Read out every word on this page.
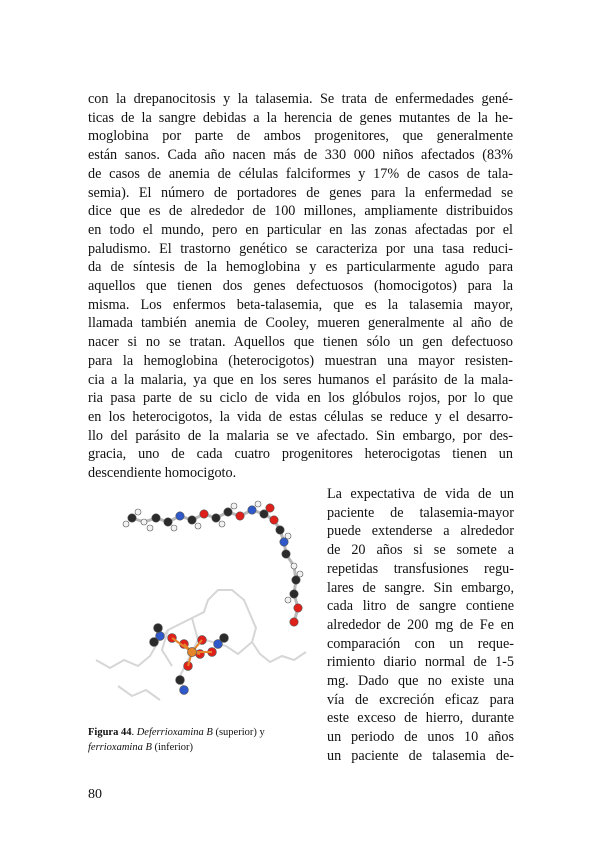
con la drepanocitosis y la talasemia. Se trata de enfermedades gené-
ticas de la sangre debidas a la herencia de genes mutantes de la he-
moglobina por parte de ambos progenitores, que generalmente
están sanos. Cada año nacen más de 330 000 niños afectados (83%
de casos de anemia de células falciformes y 17% de casos de tala-
semia). El número de portadores de genes para la enfermedad se
dice que es de alrededor de 100 millones, ampliamente distribuidos
en todo el mundo, pero en particular en las zonas afectadas por el
paludismo. El trastorno genético se caracteriza por una tasa reduci-
da de síntesis de la hemoglobina y es particularmente agudo para
aquellos que tienen dos genes defectuosos (homocigotos) para la
misma. Los enfermos beta-talasemia, que es la talasemia mayor,
llamada también anemia de Cooley, mueren generalmente al año de
nacer si no se tratan. Aquellos que tienen sólo un gen defectuoso
para la hemoglobina (heterocigotos) muestran una mayor resisten-
cia a la malaria, ya que en los seres humanos el parásito de la mala-
ria pasa parte de su ciclo de vida en los glóbulos rojos, por lo que
en los heterocigotos, la vida de estas células se reduce y el desarro-
llo del parásito de la malaria se ve afectado. Sin embargo, por des-
gracia, uno de cada cuatro progenitores heterocigotas tienen un
descendiente homocigoto.
La expectativa de vida de un
paciente de talasemia-mayor
puede extenderse a alrededor
de 20 años si se somete a
repetidas transfusiones regu-
lares de sangre. Sin embargo,
cada litro de sangre contiene
alrededor de 200 mg de Fe en
comparación con un reque-
rimiento diario normal de 1-5
mg. Dado que no existe una
vía de excreción eficaz para
este exceso de hierro, durante
un periodo de unos 10 años
un paciente de talasemia de-
Figura 44. Deferrioxamina B (superior) y ferrioxamina B (inferior)
80
